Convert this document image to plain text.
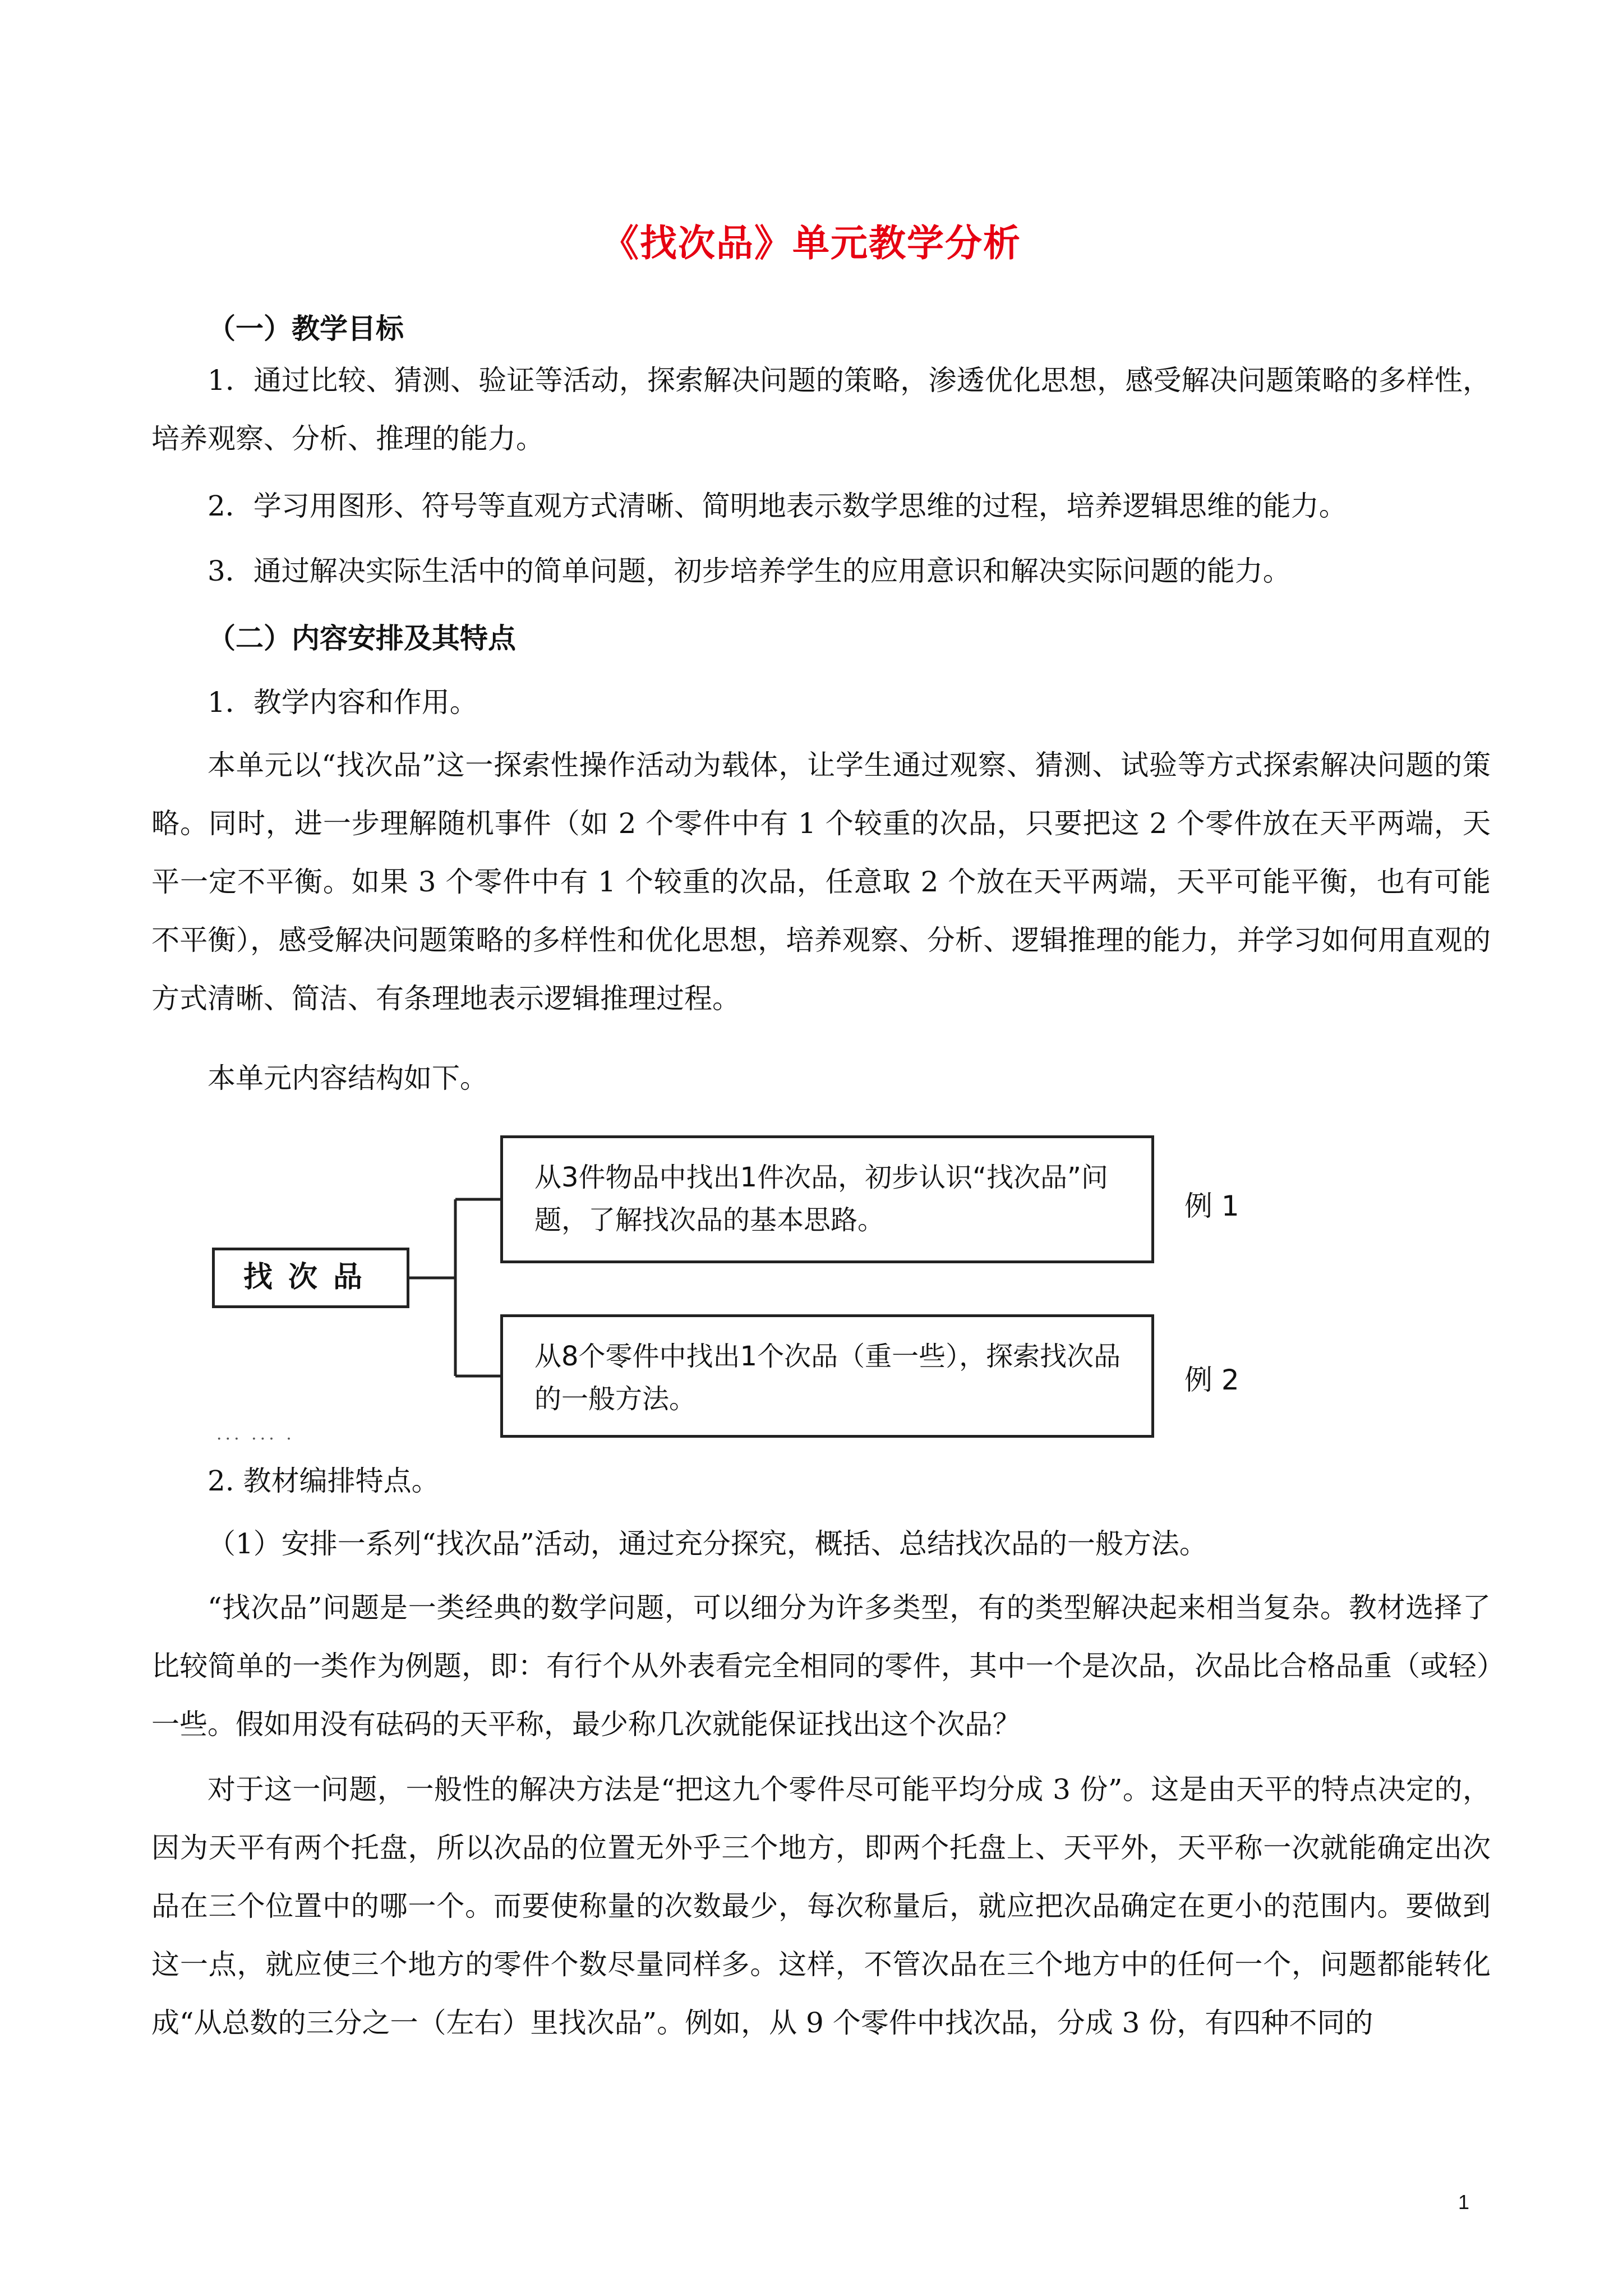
《找次品》单元教学分析

（一）教学目标

1．通过比较、猜测、验证等活动，探索解决问题的策略，渗透优化思想，感受解决问题策略的多样性，培养观察、分析、推理的能力。

2．学习用图形、符号等直观方式清晰、简明地表示数学思维的过程，培养逻辑思维的能力。

3．通过解决实际生活中的简单问题，初步培养学生的应用意识和解决实际问题的能力。

（二）内容安排及其特点

1．教学内容和作用。

本单元以“找次品”这一探索性操作活动为载体，让学生通过观察、猜测、试验等方式探索解决问题的策略。同时，进一步理解随机事件（如 2 个零件中有 1 个较重的次品，只要把这 2 个零件放在天平两端，天平一定不平衡。如果 3 个零件中有 1 个较重的次品，任意取 2 个放在天平两端，天平可能平衡，也有可能不平衡），感受解决问题策略的多样性和优化思想，培养观察、分析、逻辑推理的能力，并学习如何用直观的方式清晰、简洁、有条理地表示逻辑推理过程。

本单元内容结构如下。

找次品
从3件物品中找出1件次品，初步认识“找次品”问题，了解找次品的基本思路。
从8个零件中找出1个次品（重一些），探索找次品的一般方法。
例 1
例 2
··· ··· ·

2. 教材编排特点。

（1）安排一系列“找次品”活动，通过充分探究，概括、总结找次品的一般方法。

“找次品”问题是一类经典的数学问题，可以细分为许多类型，有的类型解决起来相当复杂。教材选择了比较简单的一类作为例题，即：有行个从外表看完全相同的零件，其中一个是次品，次品比合格品重（或轻）一些。假如用没有砝码的天平称，最少称几次就能保证找出这个次品？

对于这一问题，一般性的解决方法是“把这九个零件尽可能平均分成 3 份”。这是由天平的特点决定的，因为天平有两个托盘，所以次品的位置无外乎三个地方，即两个托盘上、天平外，天平称一次就能确定出次品在三个位置中的哪一个。而要使称量的次数最少，每次称量后，就应把次品确定在更小的范围内。要做到这一点，就应使三个地方的零件个数尽量同样多。这样，不管次品在三个地方中的任何一个，问题都能转化成“从总数的三分之一（左右）里找次品”。例如，从 9 个零件中找次品，分成 3 份，有四种不同的

1
